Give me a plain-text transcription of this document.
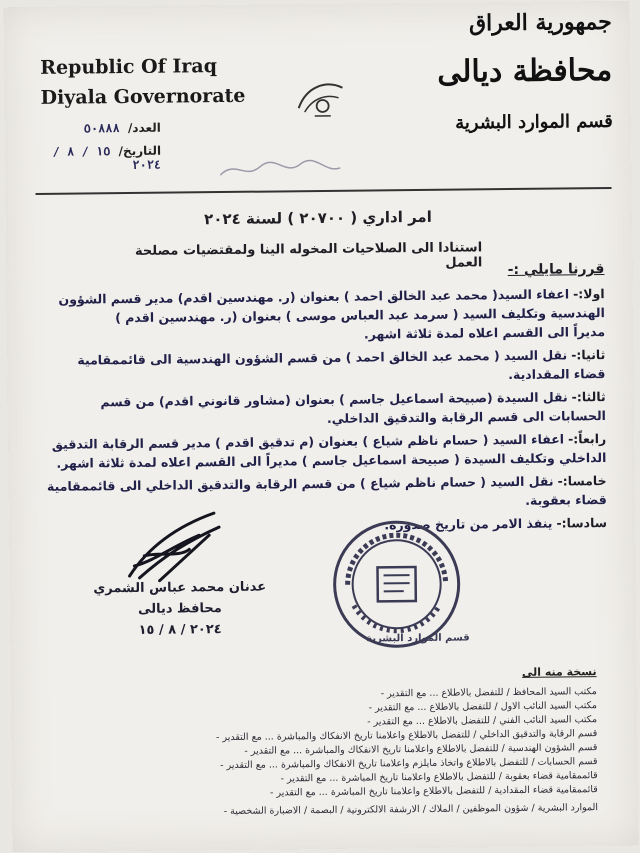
Republic Of Iraq
Diyala Governorate
جمهورية العراق
محافظة ديالى
قسم الموارد البشرية
العدد/ ٥٠٨٨٨
التاريخ/ ١٥ / ٨ / ٢٠٢٤
امر اداري ( ٢٠٧٠٠ ) لسنة ٢٠٢٤
استنادا الى الصلاحيات المخوله الينا ولمقتضيات مصلحة العمل قررنا مايلي :-
اولا:- اعفاء السيد( محمد عبد الخالق احمد ) بعنوان (ر. مهندسين اقدم) مدير قسم الشؤون
الهندسية وتكليف السيد ( سرمد عبد العباس موسى ) بعنوان (ر. مهندسين اقدم )
مديراً الى القسم اعلاه لمدة ثلاثة اشهر.
ثانيا:- نقل السيد ( محمد عبد الخالق احمد ) من قسم الشؤون الهندسية الى قائممقامية
قضاء المقدادية.
ثالثا:- نقل السيدة (صبيحة اسماعيل جاسم ) بعنوان (مشاور قانوني اقدم) من قسم
الحسابات الى قسم الرقابة والتدقيق الداخلي.
رابعاً:- اعفاء السيد ( حسام ناظم شياع ) بعنوان (م تدقيق اقدم ) مدير قسم الرقابة التدقيق
الداخلي وتكليف السيدة ( صبيحة اسماعيل جاسم ) مديراً الى القسم اعلاه لمدة ثلاثة اشهر.
خامسا:- نقل السيد ( حسام ناظم شياع ) من قسم الرقابة والتدقيق الداخلي الى قائممقامية
قضاء بعقوبة.
سادسا:- ينفذ الامر من تاريخ صدوره.
عدنان محمد عباس الشمري
محافظ ديالى
٢٠٢٤ / ٨ / ١٥
قسم الموارد البشرية
نسخة منه الى
مكتب السيد المحافظ / للتفضل بالاطلاع ... مع التقدير -
مكتب السيد النائب الاول / للتفضل بالاطلاع ... مع التقدير -
مكتب السيد النائب الفني / للتفضل بالاطلاع ... مع التقدير -
قسم الرقابة والتدقيق الداخلي / للتفضل بالاطلاع واعلامنا تاريخ الانفكاك والمباشرة ... مع التقدير -
قسم الشؤون الهندسية / للتفضل بالاطلاع واعلامنا تاريخ الانفكاك والمباشرة ... مع التقدير -
قسم الحسابات / للتفضل بالاطلاع واتخاذ مايلزم واعلامنا تاريخ الانفكاك والمباشرة ... مع التقدير -
قائممقامية قضاء بعقوبة / للتفضل بالاطلاع واعلامنا تاريخ المباشرة ... مع التقدير -
قائممقامية قضاء المقدادية / للتفضل بالاطلاع واعلامنا تاريخ المباشرة ... مع التقدير -
الموارد البشرية / شؤون الموظفين / الملاك / الارشفة الالكترونية / البصمة / الاضبارة الشخصية -
